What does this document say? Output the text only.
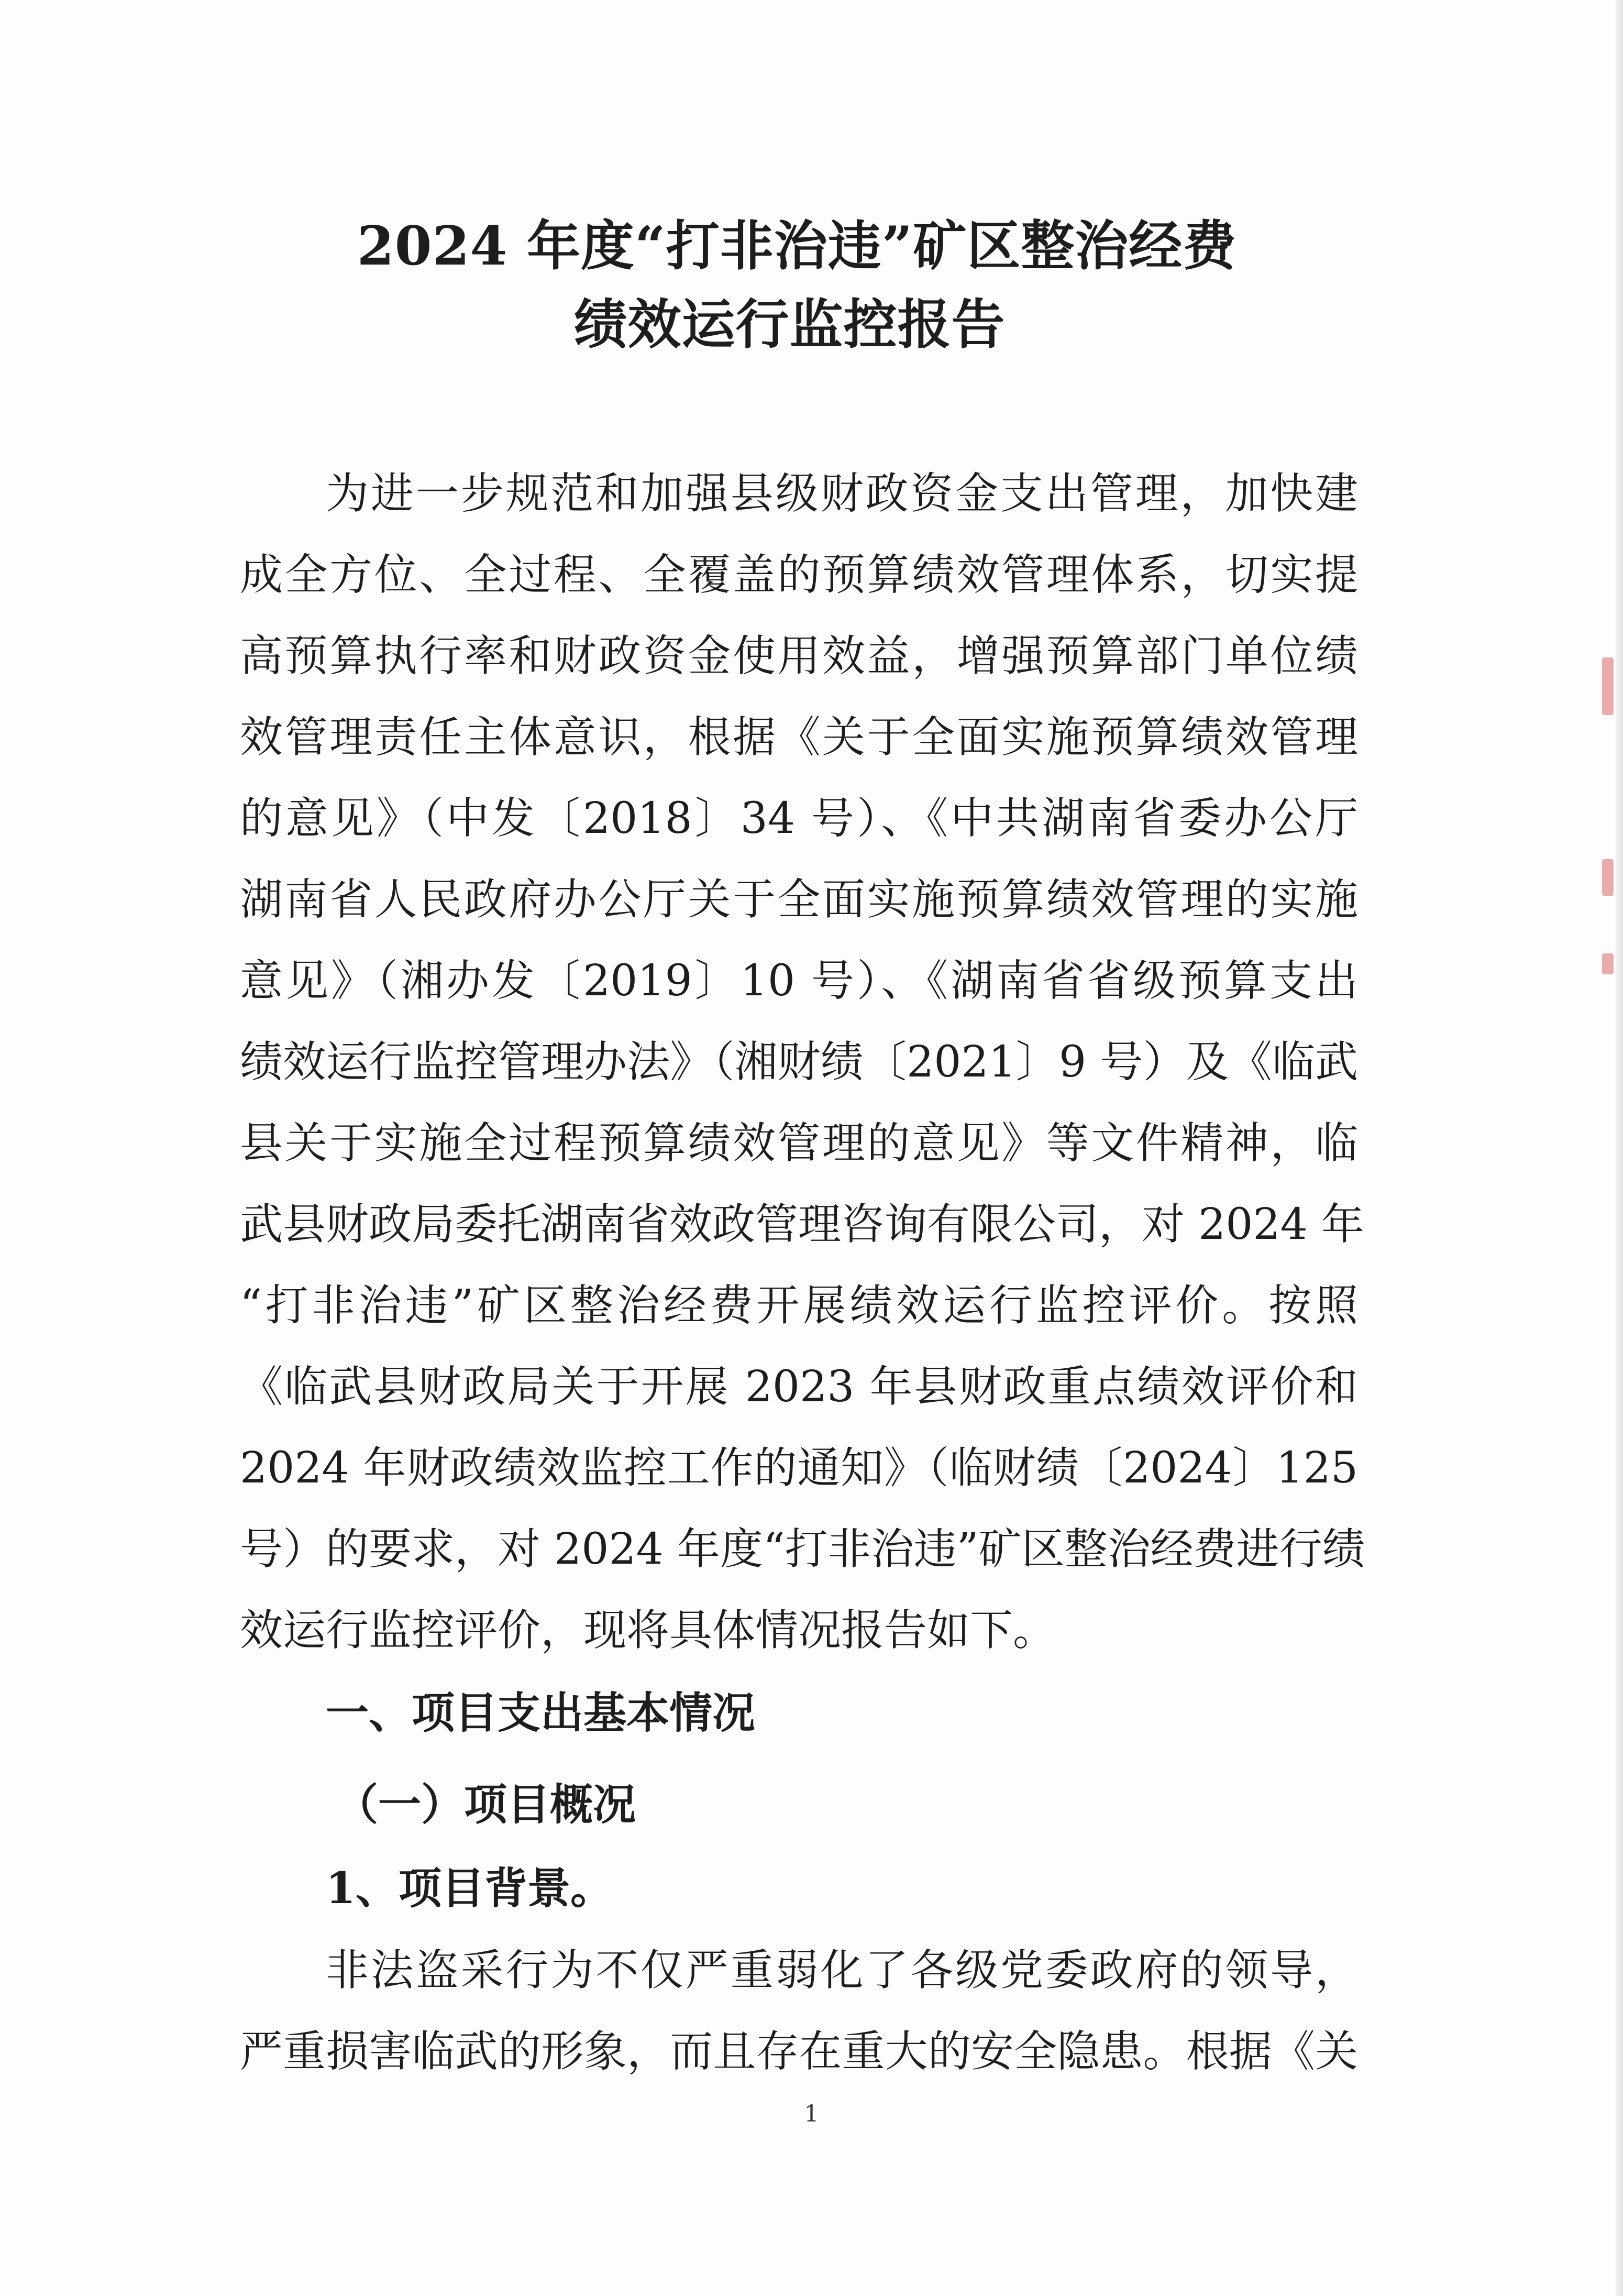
2024 年度“打非治违”矿区整治经费
绩效运行监控报告
为进一步规范和加强县级财政资金支出管理，加快建
成全方位、全过程、全覆盖的预算绩效管理体系，切实提
高预算执行率和财政资金使用效益，增强预算部门单位绩
效管理责任主体意识，根据《关于全面实施预算绩效管理
的意见》（中发〔2018〕34 号）、《中共湖南省委办公厅
湖南省人民政府办公厅关于全面实施预算绩效管理的实施
意见》（湘办发〔2019〕10 号）、《湖南省省级预算支出
绩效运行监控管理办法》（湘财绩〔2021〕9 号）及《临武
县关于实施全过程预算绩效管理的意见》等文件精神，临
武县财政局委托湖南省效政管理咨询有限公司，对 2024 年
“打非治违”矿区整治经费开展绩效运行监控评价。按照
《临武县财政局关于开展 2023 年县财政重点绩效评价和
2024 年财政绩效监控工作的通知》（临财绩〔2024〕125
号）的要求，对 2024 年度“打非治违”矿区整治经费进行绩
效运行监控评价，现将具体情况报告如下。
一、项目支出基本情况
（一）项目概况
1、项目背景。
非法盗采行为不仅严重弱化了各级党委政府的领导，
严重损害临武的形象，而且存在重大的安全隐患。根据《关
1
